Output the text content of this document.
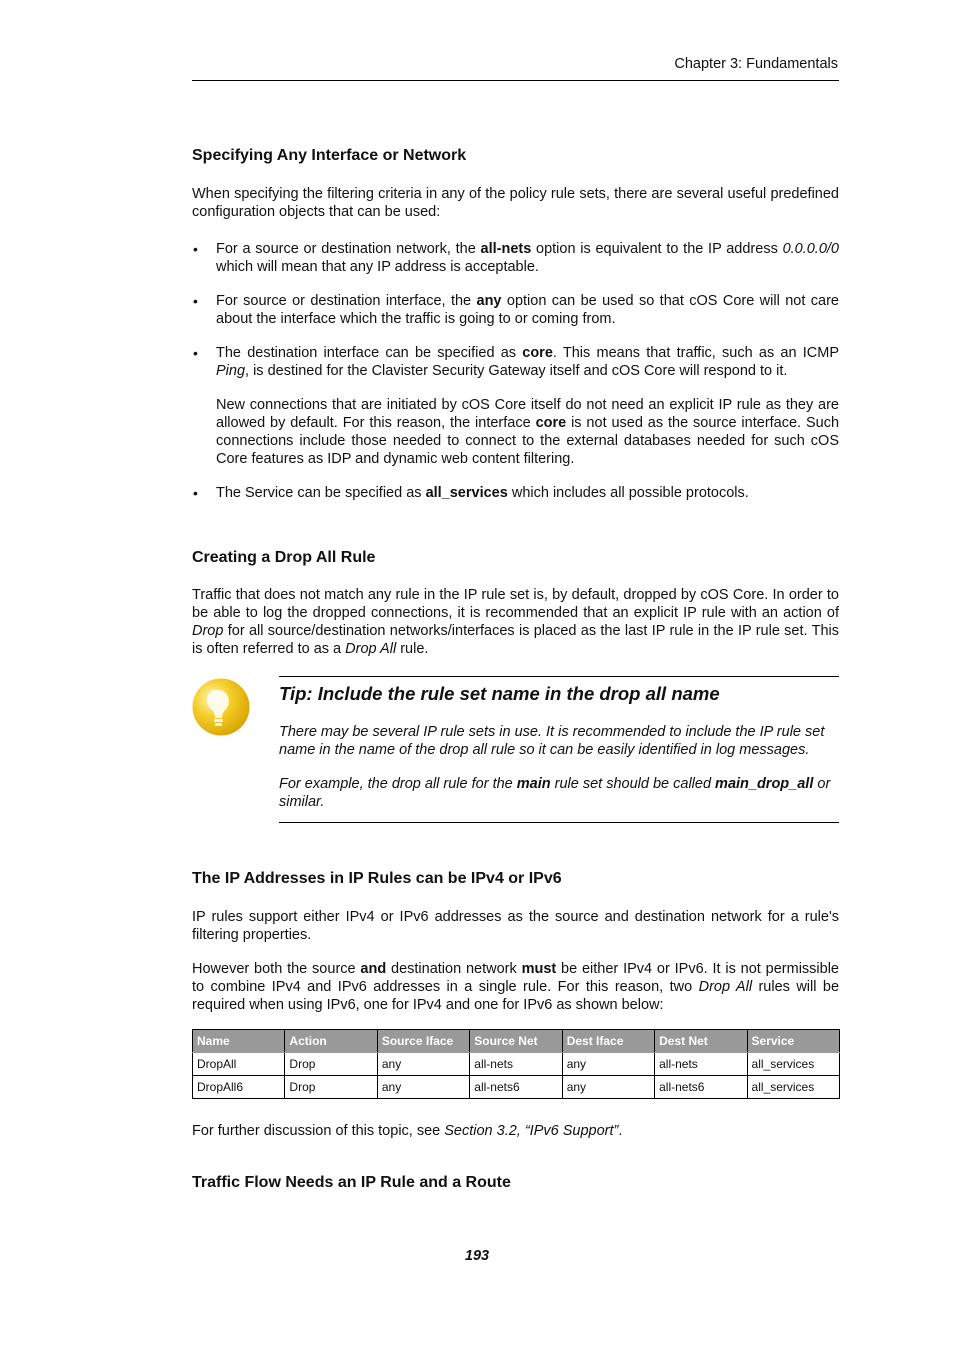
Chapter 3: Fundamentals
Specifying Any Interface or Network
When specifying the filtering criteria in any of the policy rule sets, there are several useful predefined configuration objects that can be used:
• For a source or destination network, the all-nets option is equivalent to the IP address 0.0.0.0/0 which will mean that any IP address is acceptable.
• For source or destination interface, the any option can be used so that cOS Core will not care about the interface which the traffic is going to or coming from.
• The destination interface can be specified as core. This means that traffic, such as an ICMP Ping, is destined for the Clavister Security Gateway itself and cOS Core will respond to it.
New connections that are initiated by cOS Core itself do not need an explicit IP rule as they are allowed by default. For this reason, the interface core is not used as the source interface. Such connections include those needed to connect to the external databases needed for such cOS Core features as IDP and dynamic web content filtering.
• The Service can be specified as all_services which includes all possible protocols.
Creating a Drop All Rule
Traffic that does not match any rule in the IP rule set is, by default, dropped by cOS Core. In order to be able to log the dropped connections, it is recommended that an explicit IP rule with an action of Drop for all source/destination networks/interfaces is placed as the last IP rule in the IP rule set. This is often referred to as a Drop All rule.
Tip: Include the rule set name in the drop all name
There may be several IP rule sets in use. It is recommended to include the IP rule set name in the name of the drop all rule so it can be easily identified in log messages.
For example, the drop all rule for the main rule set should be called main_drop_all or similar.
The IP Addresses in IP Rules can be IPv4 or IPv6
IP rules support either IPv4 or IPv6 addresses as the source and destination network for a rule's filtering properties.
However both the source and destination network must be either IPv4 or IPv6. It is not permissible to combine IPv4 and IPv6 addresses in a single rule. For this reason, two Drop All rules will be required when using IPv6, one for IPv4 and one for IPv6 as shown below:
Name	Action	Source Iface	Source Net	Dest Iface	Dest Net	Service
DropAll	Drop	any	all-nets	any	all-nets	all_services
DropAll6	Drop	any	all-nets6	any	all-nets6	all_services
For further discussion of this topic, see Section 3.2, “IPv6 Support”.
Traffic Flow Needs an IP Rule and a Route
193
